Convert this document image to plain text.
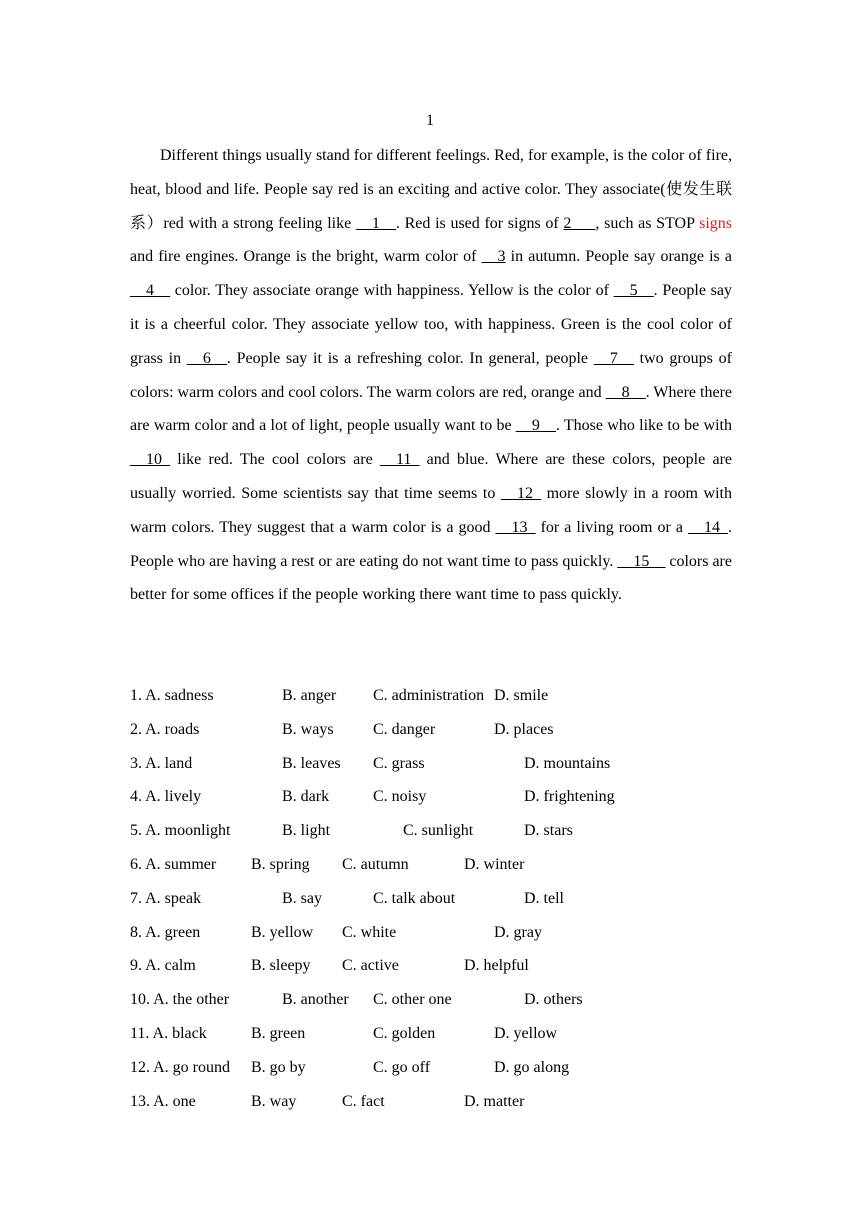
1

Different things usually stand for different feelings. Red, for example, is the color of fire, heat, blood and life. People say red is an exciting and active color. They associate(使发生联系）red with a strong feeling like __1__. Red is used for signs of 2___, such as STOP signs and fire engines. Orange is the bright, warm color of __3 in autumn. People say orange is a __4__ color. They associate orange with happiness. Yellow is the color of __5__. People say it is a cheerful color. They associate yellow too, with happiness. Green is the cool color of grass in __6__. People say it is a refreshing color. In general, people __7__ two groups of colors: warm colors and cool colors. The warm colors are red, orange and __8__. Where there are warm color and a lot of light, people usually want to be __9__. Those who like to be with __10_ like red. The cool colors are __11_ and blue. Where are these colors, people are usually worried. Some scientists say that time seems to __12_ more slowly in a room with warm colors. They suggest that a warm color is a good __13_ for a living room or a __14_. People who are having a rest or are eating do not want time to pass quickly. __15__ colors are better for some offices if the people working there want time to pass quickly.

1. A. sadness	B. anger C. administration D. smile
2. A. roads	B. ways C. danger	D. places
3. A. land	B. leaves C. grass	D. mountains
4. A. lively	B. dark	C. noisy	D. frightening
5. A. moonlight	B. light	C. sunlight	D. stars
6. A. summer B. spring C. autumn	D. winter
7. A. speak	B. say	C. talk about	D. tell
8. A. green	B. yellow C. white	D. gray
9. A. calm	B. sleepy C. active	D. helpful
10. A. the other	B. another C. other one	D. others
11. A. black	B. green	C. golden	D. yellow
12. A. go round B. go by	C. go off	D. go along
13. A. one	B. way	C. fact	D. matter
